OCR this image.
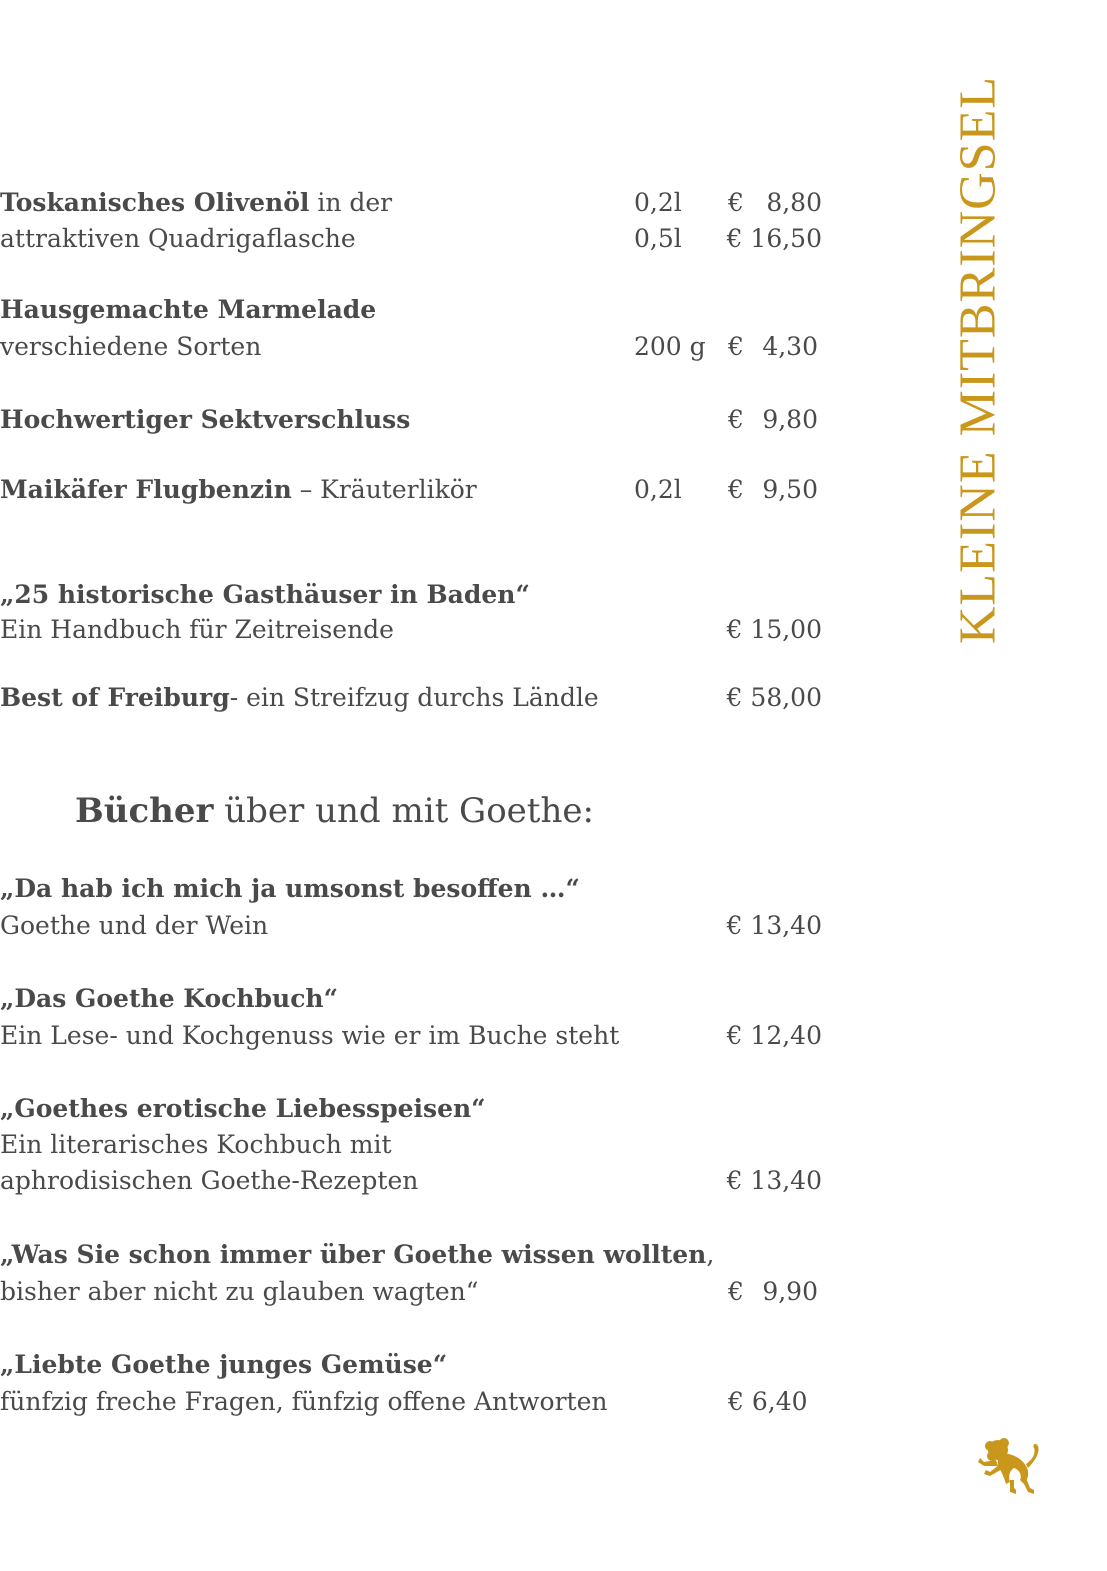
KLEINE MITBRINGSEL
Toskanisches Olivenöl in der	0,2l € 8,80
attraktiven Quadrigaflasche	0,5l € 16,50
Hausgemachte Marmelade
verschiedene Sorten	200 g € 4,30
Hochwertiger Sektverschluss	€ 9,80
Maikäfer Flugbenzin – Kräuterlikör	0,2l € 9,50
„25 historische Gasthäuser in Baden“
Ein Handbuch für Zeitreisende	€ 15,00
Best of Freiburg- ein Streifzug durchs Ländle	€ 58,00
Bücher über und mit Goethe:
„Da hab ich mich ja umsonst besoffen …“
Goethe und der Wein	€ 13,40
„Das Goethe Kochbuch“
Ein Lese- und Kochgenuss wie er im Buche steht	€ 12,40
„Goethes erotische Liebesspeisen“
Ein literarisches Kochbuch mit
aphrodisischen Goethe-Rezepten	€ 13,40
„Was Sie schon immer über Goethe wissen wollten,
bisher aber nicht zu glauben wagten“	€ 9,90
„Liebte Goethe junges Gemüse“
fünfzig freche Fragen, fünfzig offene Antworten	€ 6,40
